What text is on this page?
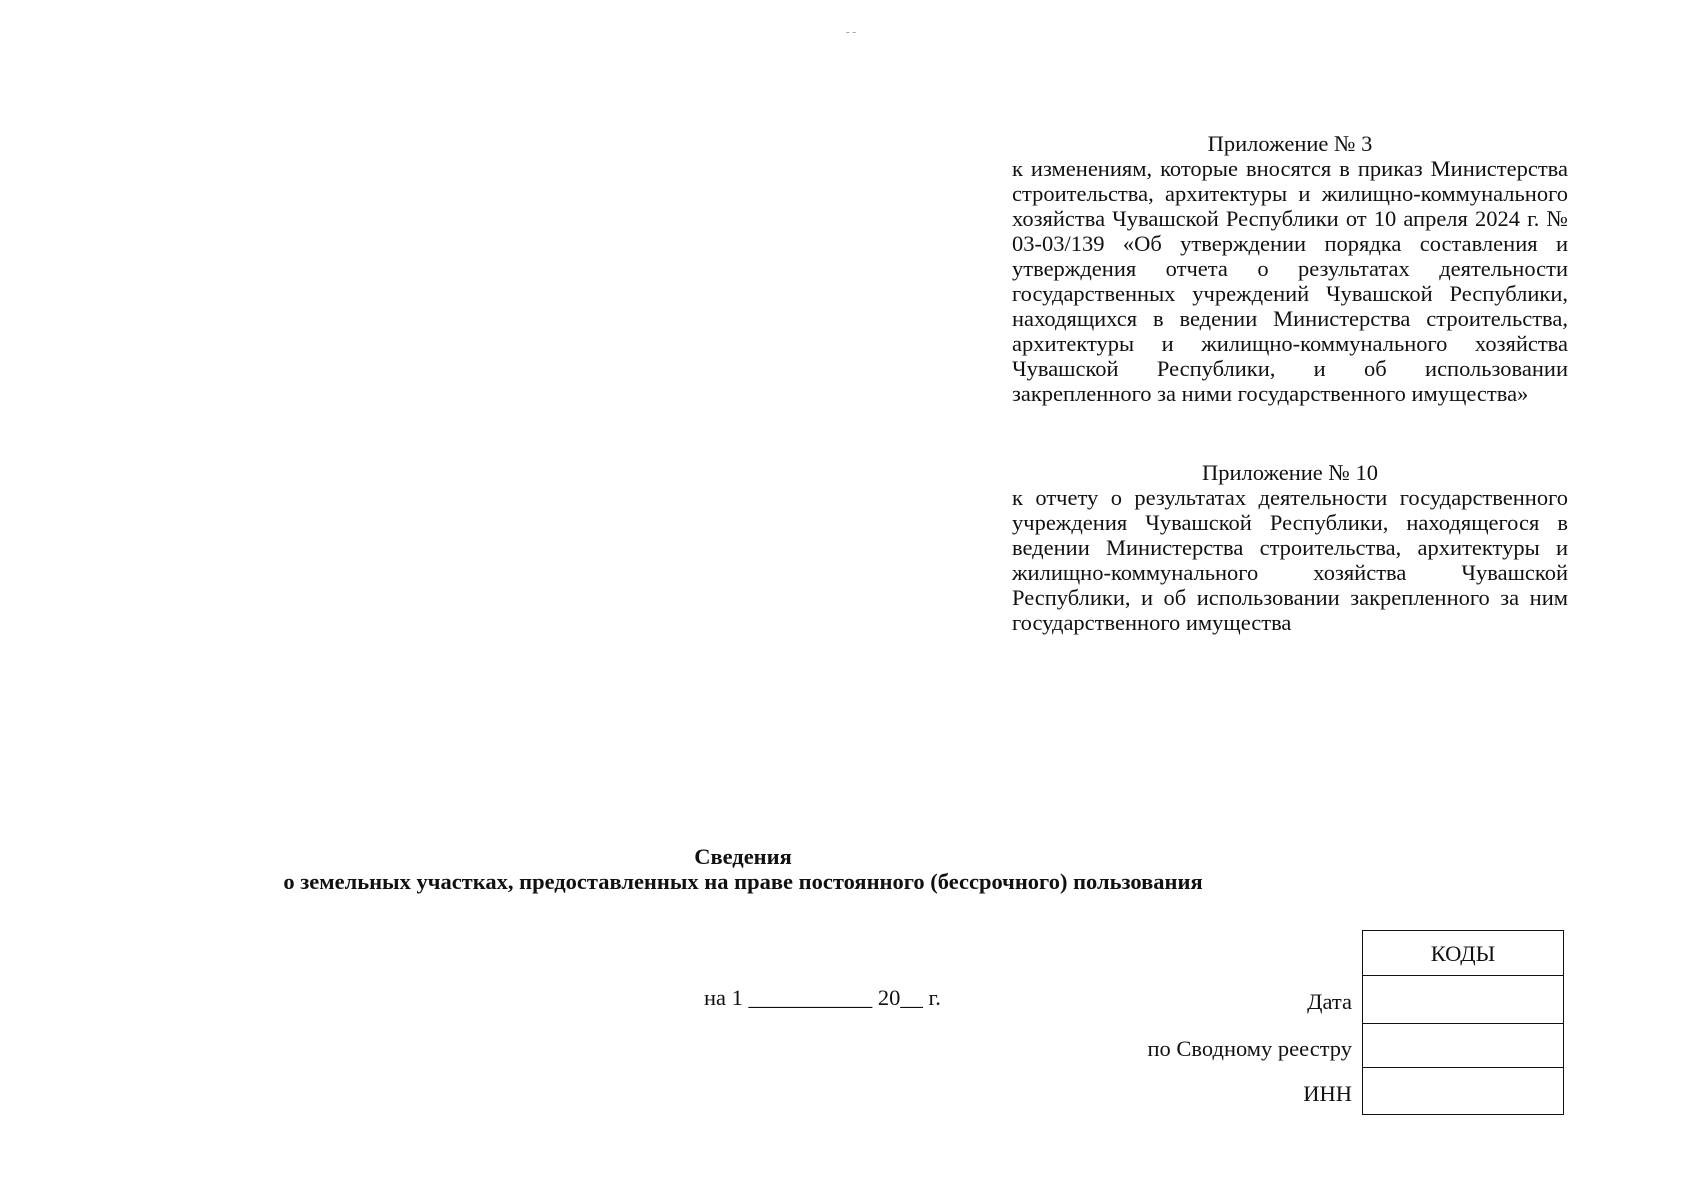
- -
Приложение № 3
к изменениям, которые вносятся в приказ Министерства строительства, архитектуры и жилищно-коммунального хозяйства Чувашской Республики от 10 апреля 2024 г. № 03-03/139 «Об утверждении порядка составления и утверждения отчета о результатах деятельности государственных учреждений Чувашской Республики, находящихся в ведении Министерства строительства, архитектуры и жилищно-коммунального хозяйства Чувашской Республики, и об использовании закрепленного за ними государственного имущества»
Приложение № 10
к отчету о результатах деятельности государственного учреждения Чувашской Республики, находящегося в ведении Министерства строительства, архитектуры и жилищно-коммунального хозяйства Чувашской Республики, и об использовании закрепленного за ним государственного имущества
Сведения
о земельных участках, предоставленных на праве постоянного (бессрочного) пользования
на 1 ___________ 20__ г.	Дата
по Сводному реестру
ИНН
КОДЫ
